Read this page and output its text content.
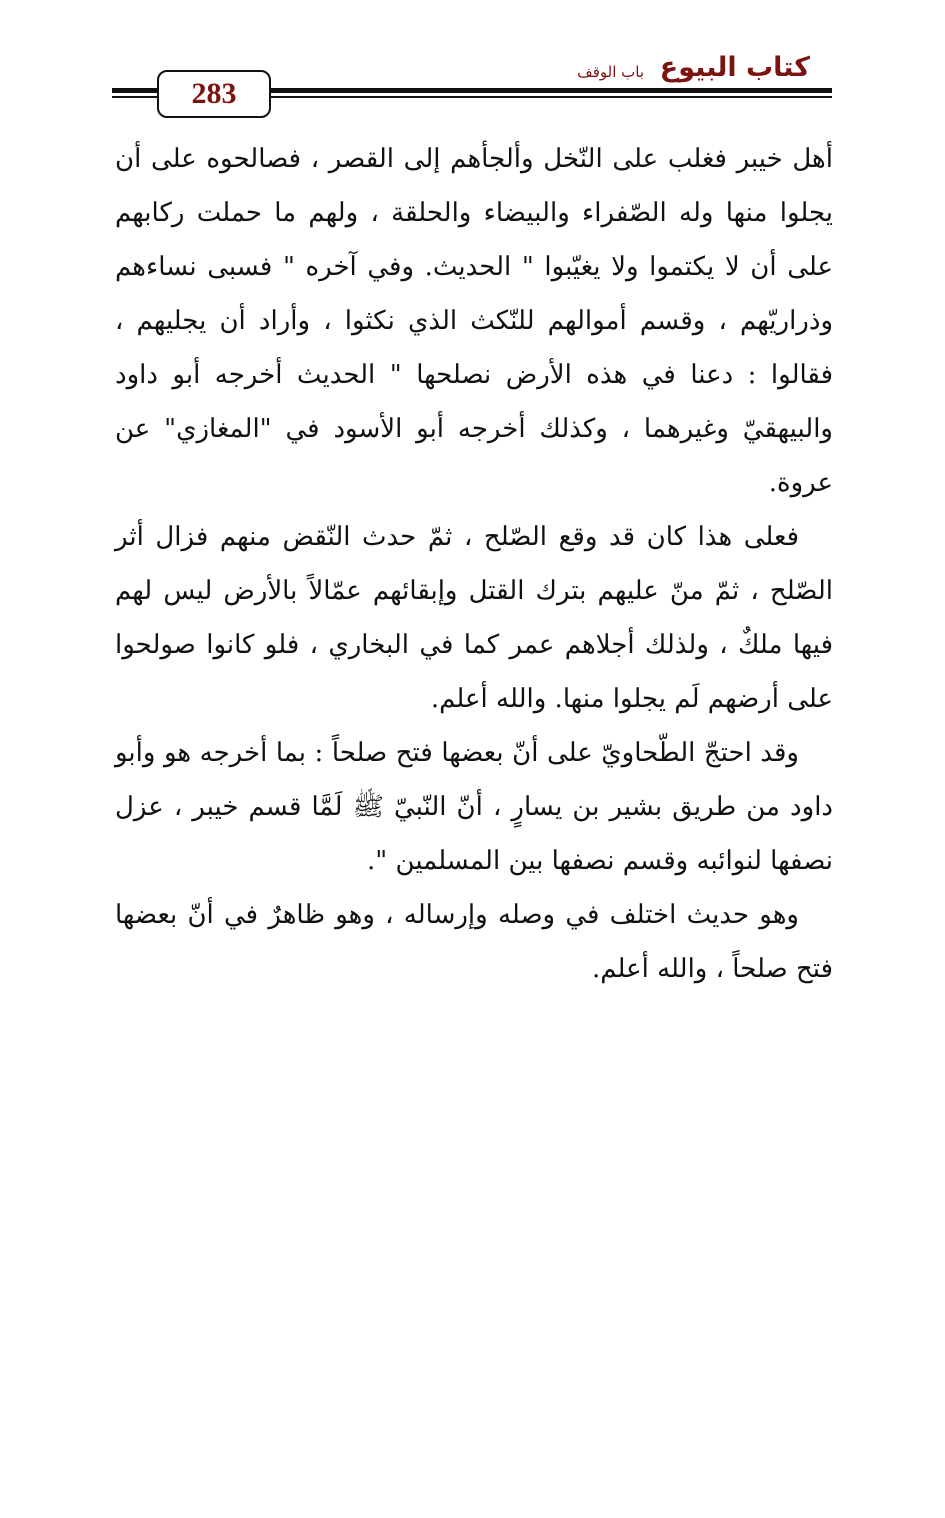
كتاب البيوع
باب الوقف
283

أهل خيبر فغلب على النّخل وألجأهم إلى القصر ، فصالحوه على أن يجلوا منها وله الصّفراء والبيضاء والحلقة ، ولهم ما حملت ركابهم على أن لا يكتموا ولا يغيّبوا " الحديث. وفي آخره " فسبى نساءهم وذراريّهم ، وقسم أموالهم للنّكث الذي نكثوا ، وأراد أن يجليهم ، فقالوا : دعنا في هذه الأرض نصلحها " الحديث أخرجه أبو داود والبيهقيّ وغيرهما ، وكذلك أخرجه أبو الأسود في "المغازي" عن عروة.

فعلى هذا كان قد وقع الصّلح ، ثمّ حدث النّقض منهم فزال أثر الصّلح ، ثمّ منّ عليهم بترك القتل وإبقائهم عمّالاً بالأرض ليس لهم فيها ملكٌ ، ولذلك أجلاهم عمر كما في البخاري ، فلو كانوا صولحوا على أرضهم لَم يجلوا منها. والله أعلم.

وقد احتجّ الطّحاويّ على أنّ بعضها فتح صلحاً : بما أخرجه هو وأبو داود من طريق بشير بن يسارٍ ، أنّ النّبيّ ﷺ لَمَّا قسم خيبر ، عزل نصفها لنوائبه وقسم نصفها بين المسلمين ".

وهو حديث اختلف في وصله وإرساله ، وهو ظاهرٌ في أنّ بعضها فتح صلحاً ، والله أعلم.
